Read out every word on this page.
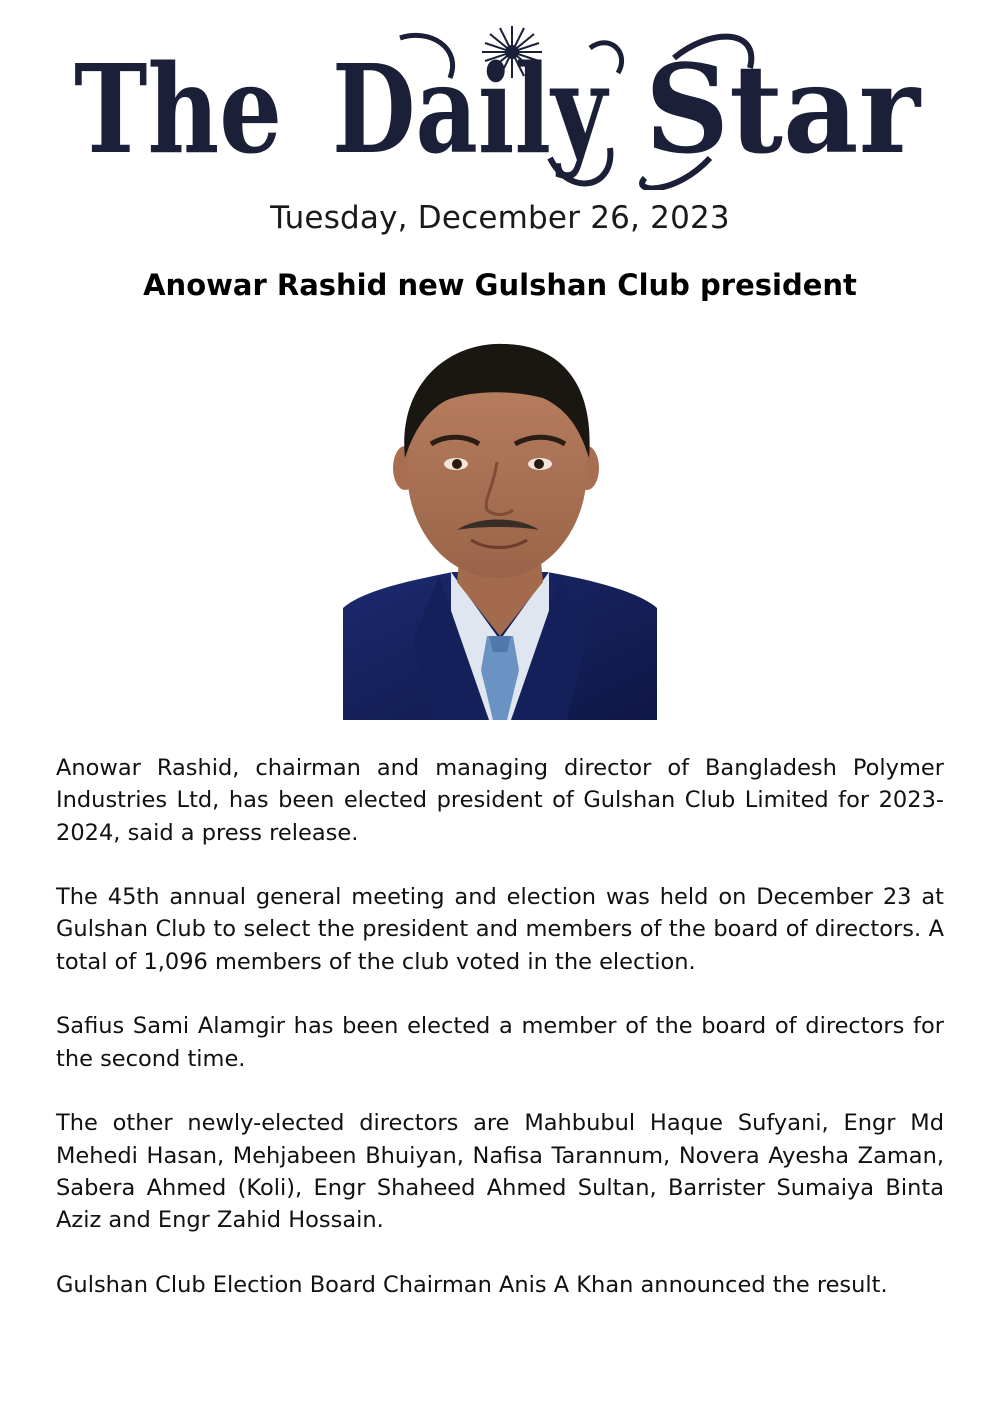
The Daily Star
Tuesday, December 26, 2023
Anowar Rashid new Gulshan Club president

Anowar Rashid, chairman and managing director of Bangladesh Polymer Industries Ltd, has been elected president of Gulshan Club Limited for 2023-2024, said a press release.

The 45th annual general meeting and election was held on December 23 at Gulshan Club to select the president and members of the board of directors. A total of 1,096 members of the club voted in the election.

Safius Sami Alamgir has been elected a member of the board of directors for the second time.

The other newly-elected directors are Mahbubul Haque Sufyani, Engr Md Mehedi Hasan, Mehjabeen Bhuiyan, Nafisa Tarannum, Novera Ayesha Zaman, Sabera Ahmed (Koli), Engr Shaheed Ahmed Sultan, Barrister Sumaiya Binta Aziz and Engr Zahid Hossain.

Gulshan Club Election Board Chairman Anis A Khan announced the result.
